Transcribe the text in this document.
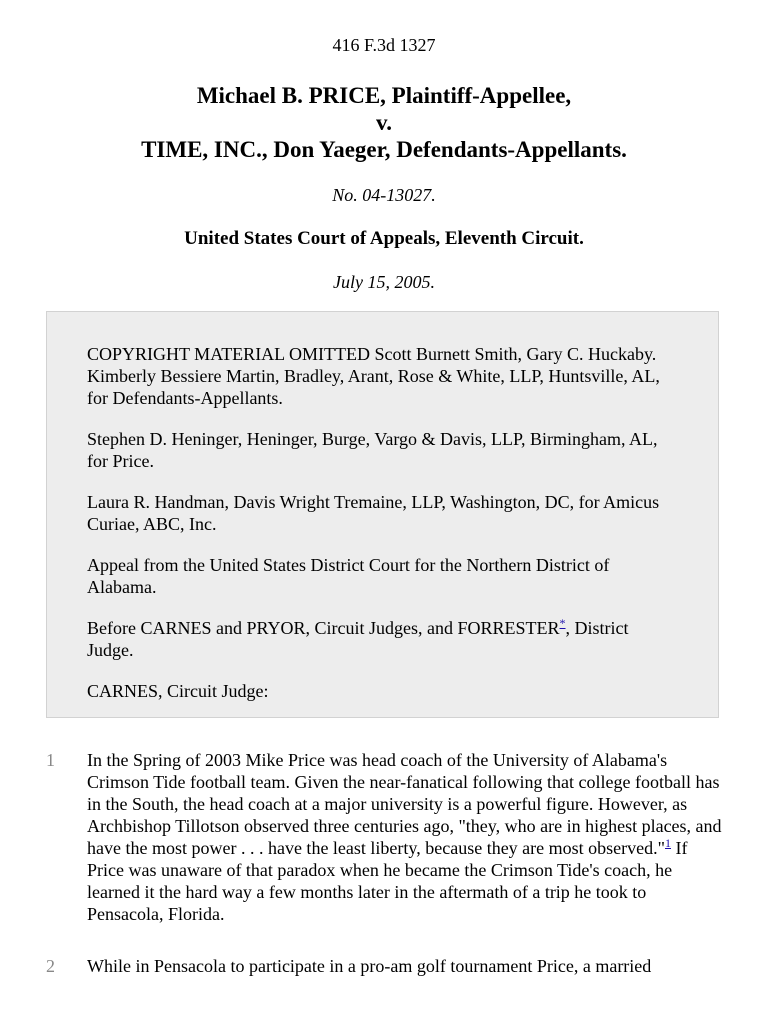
416 F.3d 1327
Michael B. PRICE, Plaintiff-Appellee,
v.
TIME, INC., Don Yaeger, Defendants-Appellants.
No. 04-13027.
United States Court of Appeals, Eleventh Circuit.
July 15, 2005.

COPYRIGHT MATERIAL OMITTED Scott Burnett Smith, Gary C. Huckaby. Kimberly Bessiere Martin, Bradley, Arant, Rose & White, LLP, Huntsville, AL, for Defendants-Appellants.

Stephen D. Heninger, Heninger, Burge, Vargo & Davis, LLP, Birmingham, AL, for Price.

Laura R. Handman, Davis Wright Tremaine, LLP, Washington, DC, for Amicus Curiae, ABC, Inc.

Appeal from the United States District Court for the Northern District of Alabama.

Before CARNES and PRYOR, Circuit Judges, and FORRESTER*, District Judge.

CARNES, Circuit Judge:

1 In the Spring of 2003 Mike Price was head coach of the University of Alabama's Crimson Tide football team. Given the near-fanatical following that college football has in the South, the head coach at a major university is a powerful figure. However, as Archbishop Tillotson observed three centuries ago, "they, who are in highest places, and have the most power . . . have the least liberty, because they are most observed."$^1$ If Price was unaware of that paradox when he became the Crimson Tide's coach, he learned it the hard way a few months later in the aftermath of a trip he took to Pensacola, Florida.

2 While in Pensacola to participate in a pro-am golf tournament Price, a married
